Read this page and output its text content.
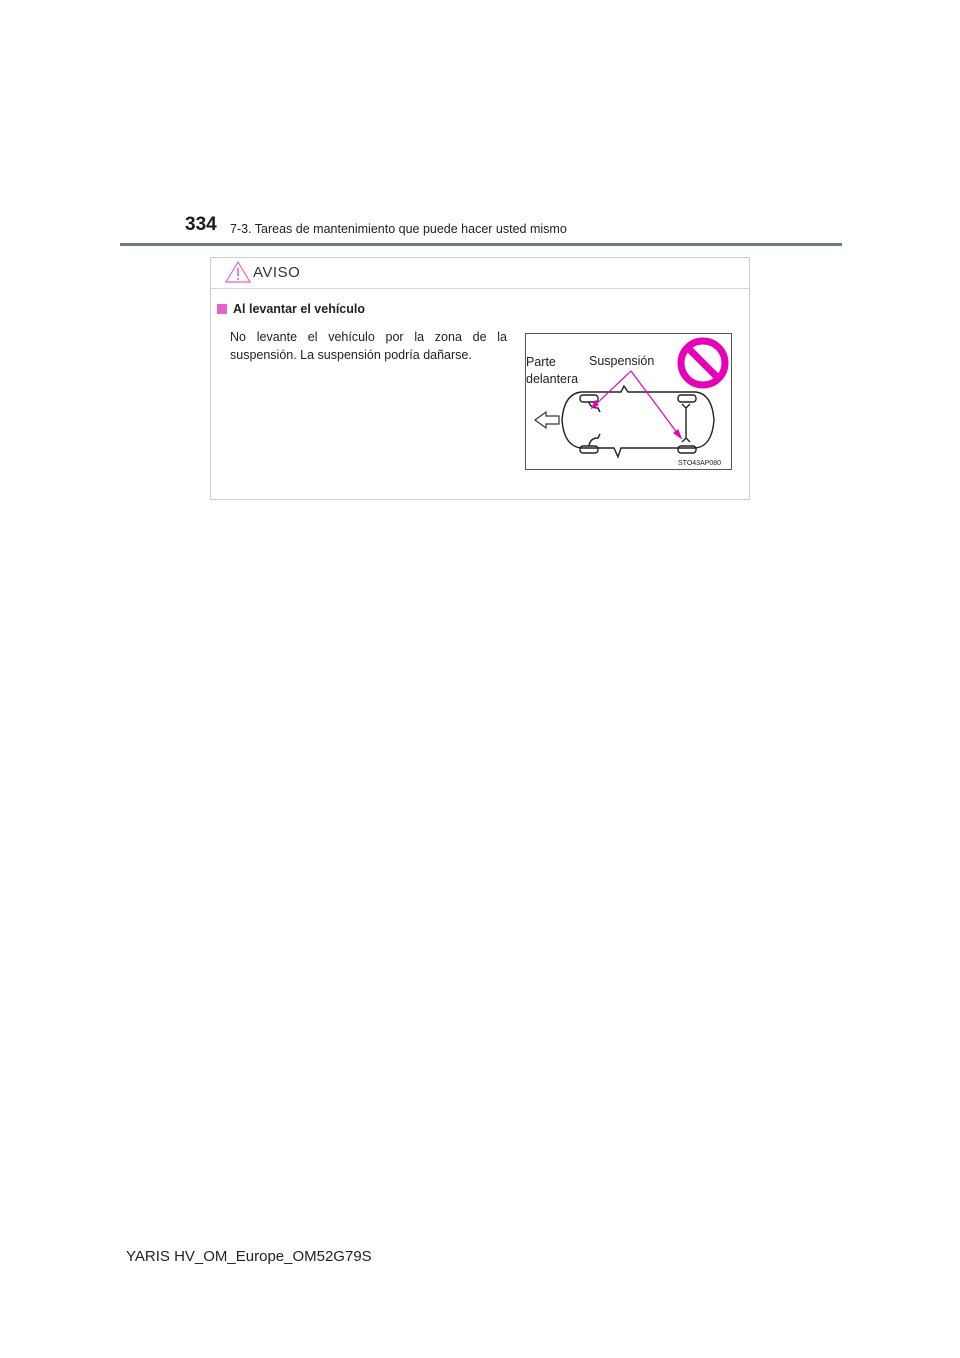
334 7-3. Tareas de mantenimiento que puede hacer usted mismo
AVISO
Al levantar el vehículo
No levante el vehículo por la zona de la suspensión. La suspensión podría dañarse.	Parte
delantera
Suspensión
STO43AP080
YARIS HV_OM_Europe_OM52G79S
